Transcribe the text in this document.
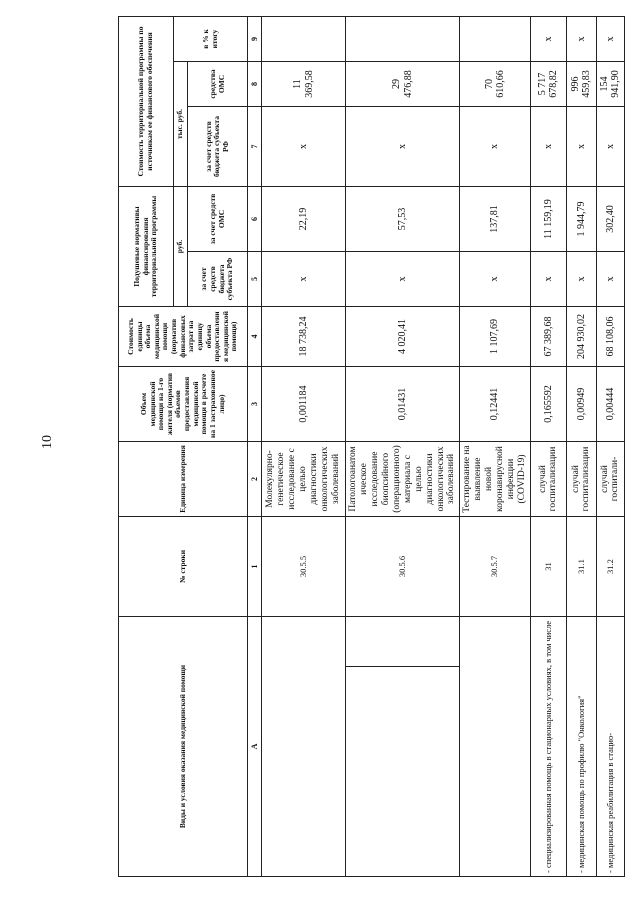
10
Виды и условия оказания медицинской помощи		№ строки	Единица измерения	Объем медицинской помощи на 1-го жителя (норматив объемов предоставления медицинской помощи в расчете на 1 застрахованное лицо)	Стоимость единицы объема медицинской помощи (норматив финансовых затрат на единицу объема предоставления медицинской помощи)	Подушевые нормативы финансирования территориальной программы		Стоимость территориальной программы по источникам ее финансового обеспечения		
						руб.		тыс. руб.		в % к итогу
						за счет средств бюджета субъекта РФ	за счет средств ОМС	за счет средств бюджета субъекта РФ	средства ОМС	
А		1	2	3	4	5	6	7	8	9
		30.5.5	Молекулярно-генетическое исследование с целью диагностики онкологических заболеваний	0,001184	18 738,24	х	22,19	х	11 369,58	
		30.5.6	Патологоанатомическое исследование биопсийного (операционного) материала с целью диагностики онкологических заболеваний	0,01431	4 020,41	х	57,53	х	29 476,88	
		30.5.7	Тестирование на выявление новой коронавирусной инфекции (COVID-19)	0,12441	1 107,69	х	137,81	х	70 610,66	
- специализированная помощь в стационарных условиях, в том числе		31	случай госпитализации	0,165592	67 389,68	х	11 159,19	х	5 717 678,82	х
- медицинская помощь по профилю "Онкология"		31.1	случай госпитализации	0,00949	204 930,02	х	1 944,79	х	996 459,83	х
- медицинская реабилитация в стацио-		31.2	случай госпитали-	0,00444	68 108,06	х	302,40	х	154 941,90	х
